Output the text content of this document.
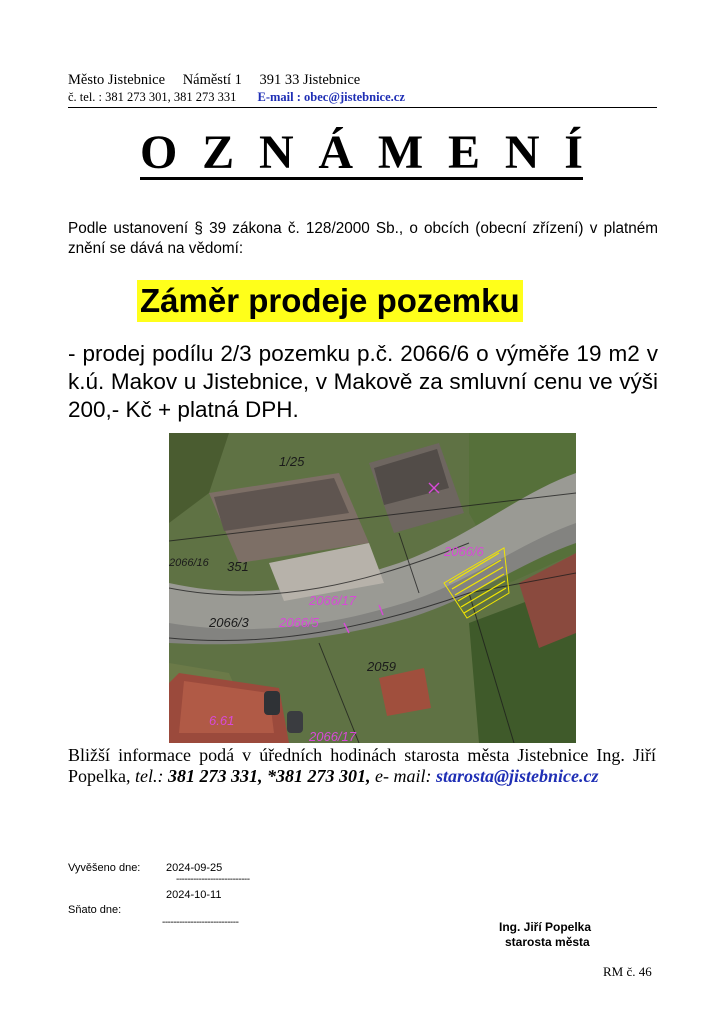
Město Jistebnice Náměstí 1 391 33 Jistebnice
č. tel. : 381 273 301, 381 273 331 E-mail : obec@jistebnice.cz
O Z N Á M E N Í
Podle ustanovení § 39 zákona č. 128/2000 Sb., o obcích (obecní zřízení) v platném znění se dává na vědomí:
Záměr prodeje pozemku
- prodej podílu 2/3 pozemku p.č. 2066/6 o výměře 19 m2 v k.ú. Makov u Jistebnice, v Makově za smluvní cenu ve výši 200,- Kč + platná DPH.
2066/6
2066/17
2066/3 2066/5
2066/16 351
2059
2066/17
1/25
6.61
Bližší informace podá v úředních hodinách starosta města Jistebnice Ing. Jiří Popelka, tel.: 381 273 331, *381 273 301, e- mail: starosta@jistebnice.cz
Vyvěšeno dne: 2024-09-25
--------------------------
2024-10-11
Sňato dne:
---------------------------	Ing. Jiří Popelka
starosta města
RM č. 46
